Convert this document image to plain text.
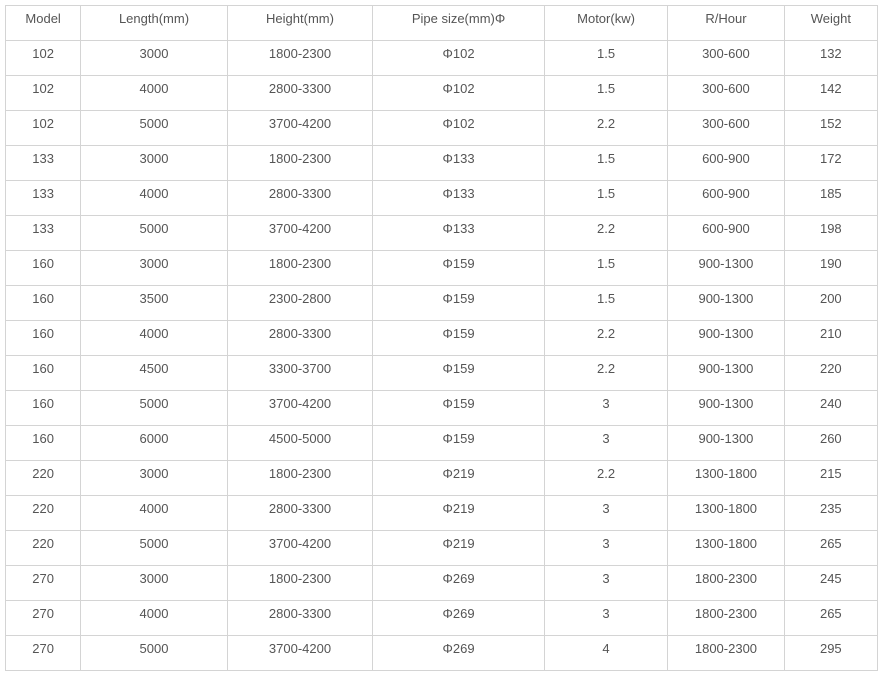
Model	Length(mm)	Height(mm)	Pipe size(mm)Φ	Motor(kw)	R/Hour	Weight
102	3000	1800-2300	Φ102	1.5	300-600	132
102	4000	2800-3300	Φ102	1.5	300-600	142
102	5000	3700-4200	Φ102	2.2	300-600	152
133	3000	1800-2300	Φ133	1.5	600-900	172
133	4000	2800-3300	Φ133	1.5	600-900	185
133	5000	3700-4200	Φ133	2.2	600-900	198
160	3000	1800-2300	Φ159	1.5	900-1300	190
160	3500	2300-2800	Φ159	1.5	900-1300	200
160	4000	2800-3300	Φ159	2.2	900-1300	210
160	4500	3300-3700	Φ159	2.2	900-1300	220
160	5000	3700-4200	Φ159	3	900-1300	240
160	6000	4500-5000	Φ159	3	900-1300	260
220	3000	1800-2300	Φ219	2.2	1300-1800	215
220	4000	2800-3300	Φ219	3	1300-1800	235
220	5000	3700-4200	Φ219	3	1300-1800	265
270	3000	1800-2300	Φ269	3	1800-2300	245
270	4000	2800-3300	Φ269	3	1800-2300	265
270	5000	3700-4200	Φ269	4	1800-2300	295
